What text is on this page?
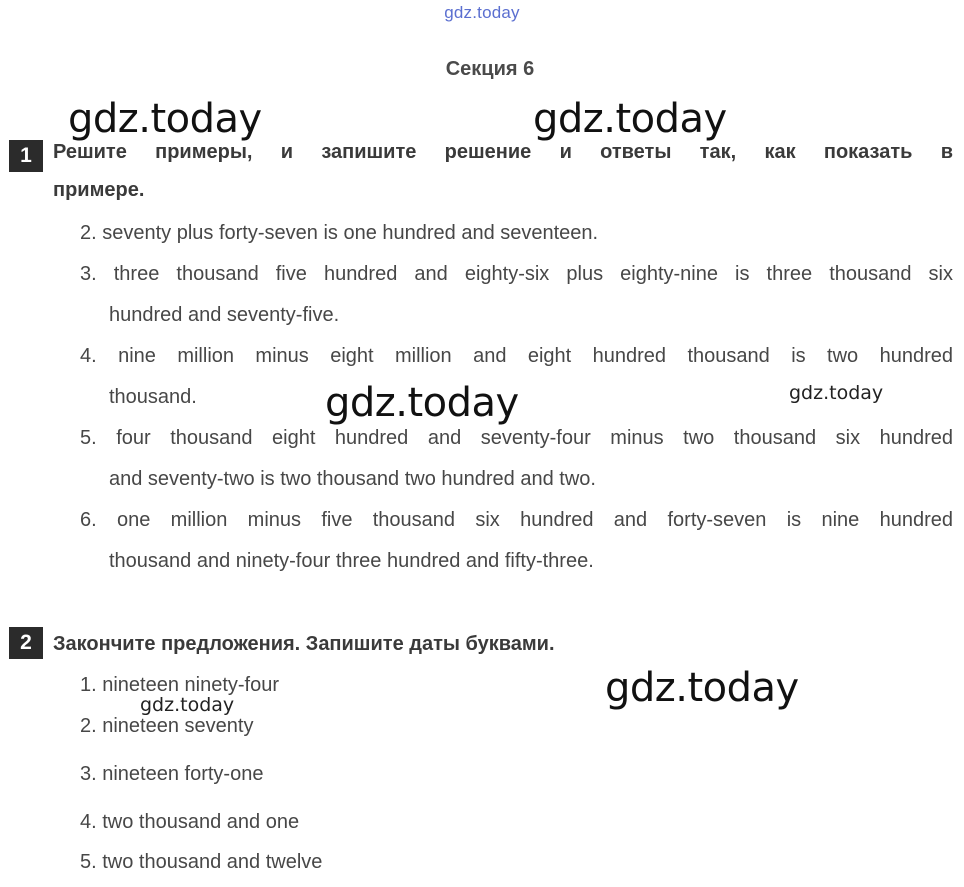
gdz.today
Секция 6
1	Решите примеры, и запишите решение и ответы так, как показать в
примере.
2. seventy plus forty-seven is one hundred and seventeen.
3. three thousand five hundred and eighty-six plus eighty-nine is three thousand six
hundred and seventy-five.
4. nine million minus eight million and eight hundred thousand is two hundred
thousand.
5. four thousand eight hundred and seventy-four minus two thousand six hundred
and seventy-two is two thousand two hundred and two.
6. one million minus five thousand six hundred and forty-seven is nine hundred
thousand and ninety-four three hundred and fifty-three.
2	Закончите предложения. Запишите даты буквами.
1. nineteen ninety-four
2. nineteen seventy
3. nineteen forty-one
4. two thousand and one
5. two thousand and twelve
gdz.today	gdz.today
gdz.today	gdz.today
gdz.today
gdz.today
